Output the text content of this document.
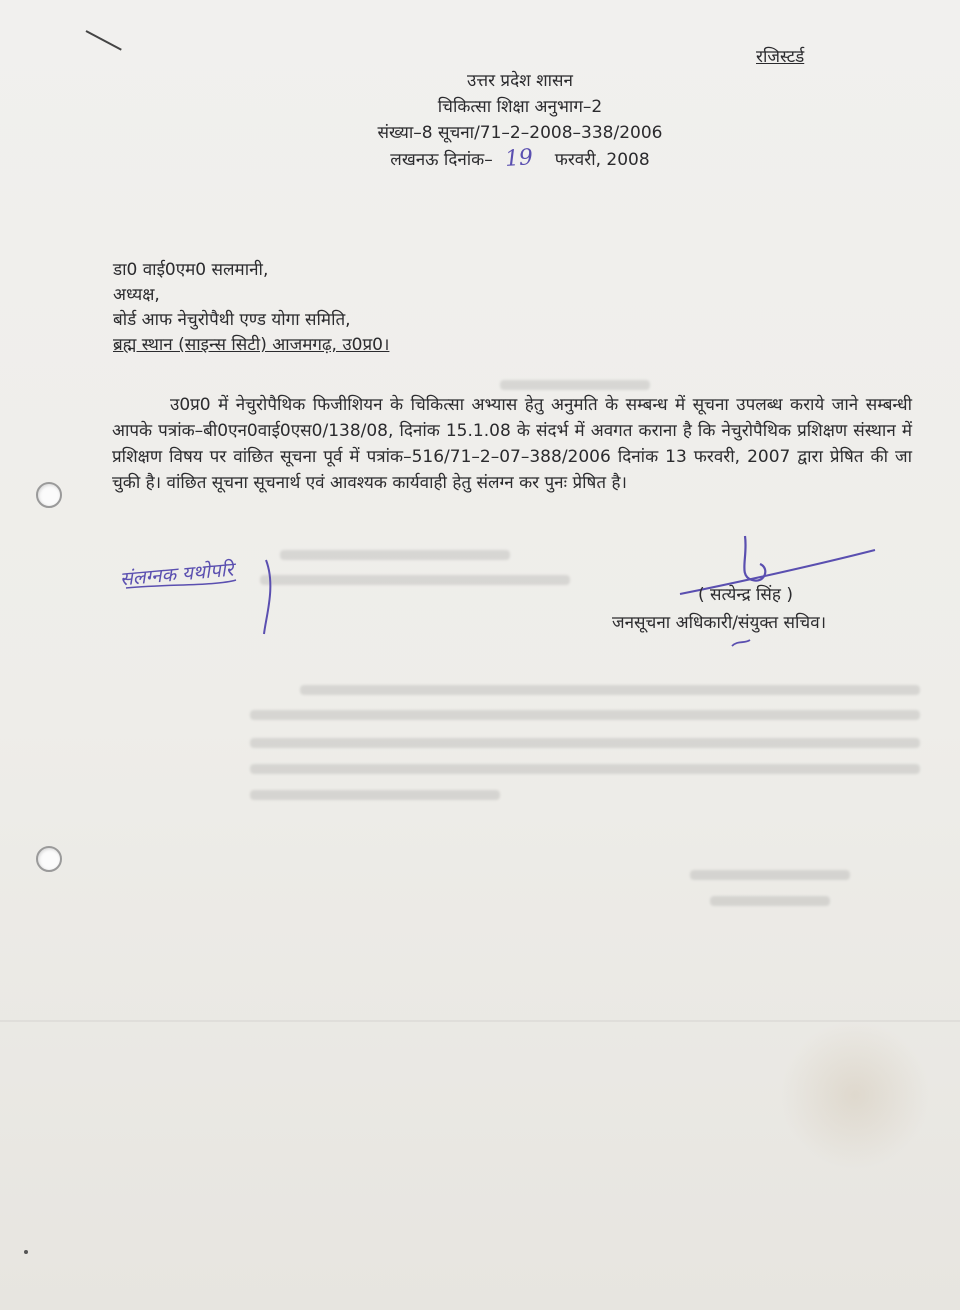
रजिस्टर्ड
उत्तर प्रदेश शासन
चिकित्सा शिक्षा अनुभाग–2
संख्या–8 सूचना/71–2–2008–338/2006
लखनऊ दिनांक– 19 फरवरी, 2008
डा0 वाई0एम0 सलमानी,
अध्यक्ष,
बोर्ड आफ नेचुरोपैथी एण्ड योगा समिति,
ब्रह्म स्थान (साइन्स सिटी) आजमगढ़, उ0प्र0।
उ0प्र0 में नेचुरोपैथिक फिजीशियन के चिकित्सा अभ्यास हेतु अनुमति के सम्बन्ध में सूचना उपलब्ध कराये जाने सम्बन्धी आपके पत्रांक–बी0एन0वाई0एस0/138/08, दिनांक 15.1.08 के संदर्भ में अवगत कराना है कि नेचुरोपैथिक प्रशिक्षण संस्थान में प्रशिक्षण विषय पर वांछित सूचना पूर्व में पत्रांक–516/71–2–07–388/2006 दिनांक 13 फरवरी, 2007 द्वारा प्रेषित की जा चुकी है। वांछित सूचना सूचनार्थ एवं आवश्यक कार्यवाही हेतु संलग्न कर पुनः प्रेषित है।
संलग्नक यथोपरि
( सत्येन्द्र सिंह )
जनसूचना अधिकारी/संयुक्त सचिव।
